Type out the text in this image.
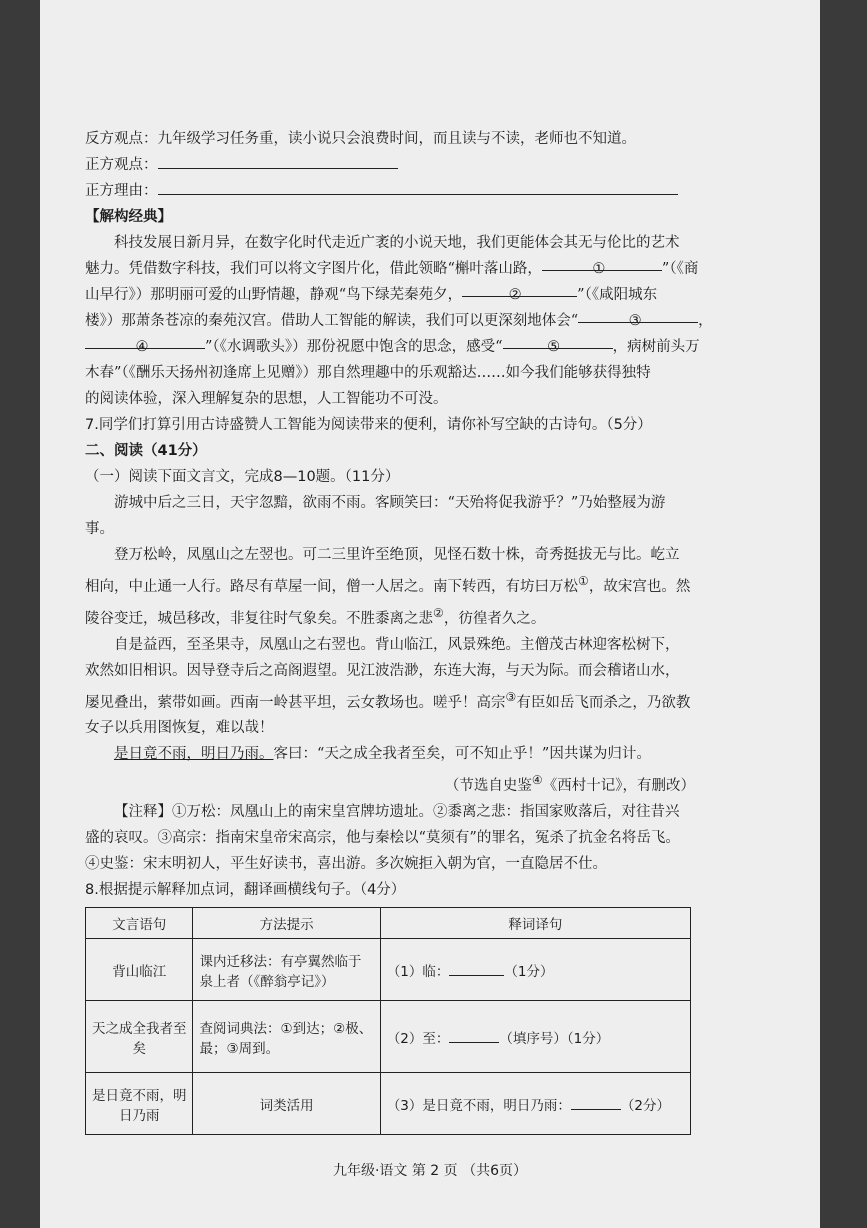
反方观点：九年级学习任务重，读小说只会浪费时间，而且读与不读，老师也不知道。
正方观点：
正方理由：
【解构经典】
科技发展日新月异，在数字化时代走近广袤的小说天地，我们更能体会其无与伦比的艺术
魅力。凭借数字科技，我们可以将文字图片化，借此领略“槲叶落山路，	①	”（《商
山早行》）那明丽可爱的山野情趣，静观“鸟下绿芜秦苑夕，	②	”（《咸阳城东
楼》）那萧条苍凉的秦苑汉宫。借助人工智能的解读，我们可以更深刻地体会“	③	，
④	”（《水调歌头》）那份祝愿中饱含的思念，感受“	⑤	，病树前头万
木春”（《酬乐天扬州初逢席上见赠》）那自然理趣中的乐观豁达……如今我们能够获得独特
的阅读体验，深入理解复杂的思想，人工智能功不可没。
7.同学们打算引用古诗盛赞人工智能为阅读带来的便利，请你补写空缺的古诗句。（5分）
二、阅读（41分）
（一）阅读下面文言文，完成8—10题。（11分）
游城中后之三日，天宇忽黯，欲雨不雨。客顾笑曰：“天殆将促我游乎？”乃始整屐为游
事。
登万松岭，凤凰山之左翌也。可二三里许至绝顶，见怪石数十株，奇秀挺拔无与比。屹立
相向，中止通一人行。路尽有草屋一间，僧一人居之。南下转西，有坊曰万松①，故宋宫也。然
陵谷变迁，城邑移改，非复往时气象矣。不胜黍离之悲②，彷徨者久之。
自是益西，至圣果寺，凤凰山之右翌也。背山临江，风景殊绝。主僧茂古林迎客松树下，
欢然如旧相识。因导登寺后之高阁遐望。见江波浩渺，东连大海，与天为际。而会稽诸山水，
屡见叠出，萦带如画。西南一岭甚平坦，云女教场也。嗟乎！高宗③有臣如岳飞而杀之，乃欲教
女子以兵用图恢复，难以哉！
是日竟不雨，明日乃雨。客曰：“天之成全我者至矣，可不知止乎！”因共谋为归计。
（节选自史鉴④《西村十记》，有删改）
【注释】①万松：凤凰山上的南宋皇宫牌坊遗址。②黍离之悲：指国家败落后，对往昔兴
盛的哀叹。③高宗：指南宋皇帝宋高宗，他与秦桧以“莫须有”的罪名，冤杀了抗金名将岳飞。
④史鉴：宋末明初人，平生好读书，喜出游。多次婉拒入朝为官，一直隐居不仕。
8.根据提示解释加点词，翻译画横线句子。（4分）
文言语句	方法提示	释词译句
背山临江	课内迁移法：有亭翼然临于泉上者（《醉翁亭记》）	（1）临： （1分）
天之成全我者至矣	查阅词典法：①到达；②极、最；③周到。	（2）至： （填序号）（1分）
是日竟不雨，明日乃雨	词类活用	（3）是日竟不雨，明日乃雨： （2分）
九年级·语文 第 2 页 （共6页）
